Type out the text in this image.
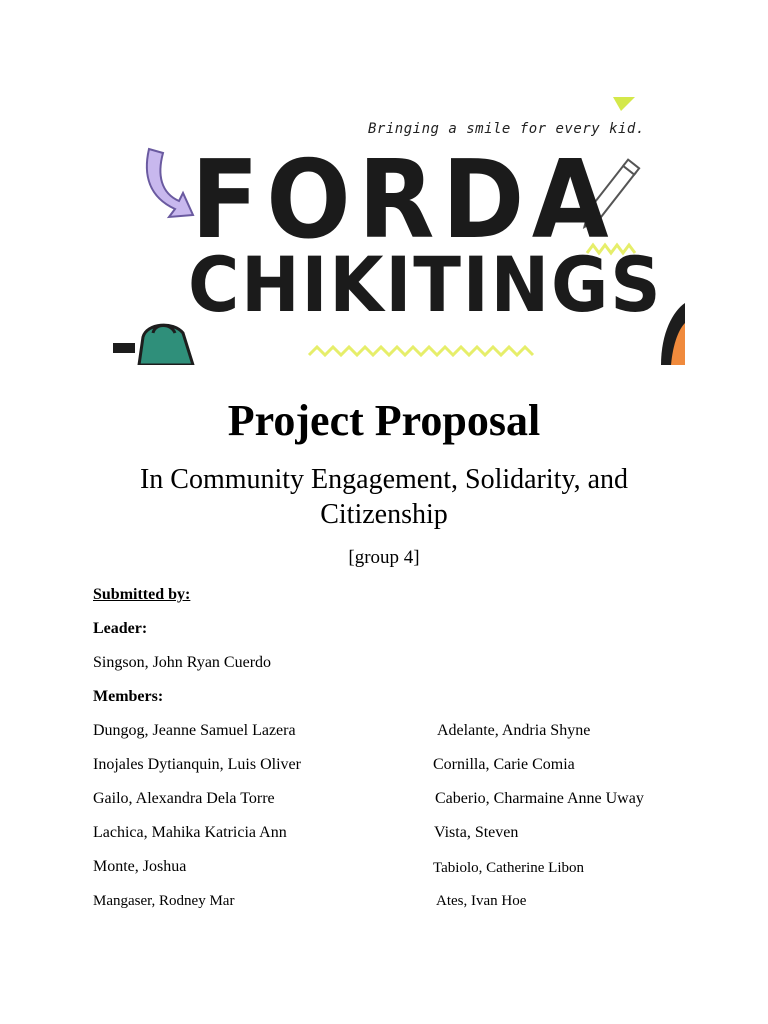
Bringing a smile for every kid.
FORDA
CHIKITINGS
Project Proposal
In Community Engagement, Solidarity, and Citizenship
[group 4]
Submitted by:
Leader:
Singson, John Ryan Cuerdo
Members:
Dungog, Jeanne Samuel Lazera	Adelante, Andria Shyne
Inojales Dytianquin, Luis Oliver	Cornilla, Carie Comia
Gailo, Alexandra Dela Torre	Caberio, Charmaine Anne Uway
Lachica, Mahika Katricia Ann	Vista, Steven
Monte, Joshua	Tabiolo, Catherine Libon
Mangaser, Rodney Mar	Ates, Ivan Hoe
